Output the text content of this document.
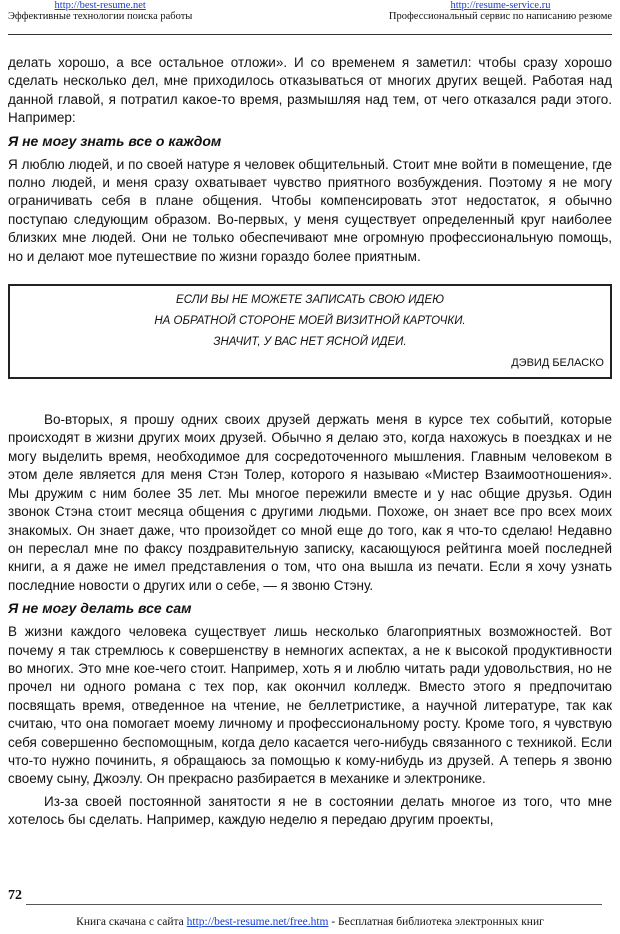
http://best-resume.net
Эффективные технологии поиска работы
http://resume-service.ru
Профессиональный сервис по написанию резюме

делать хорошо, а все остальное отложи». И со временем я заметил: чтобы сразу хорошо сделать несколько дел, мне приходилось отказываться от многих других вещей. Работая над данной главой, я потратил какое-то время, размышляя над тем, от чего отказался ради этого. Например:

Я не могу знать все о каждом

Я люблю людей, и по своей натуре я человек общительный. Стоит мне войти в помещение, где полно людей, и меня сразу охватывает чувство приятного возбуждения. Поэтому я не могу ограничивать себя в плане общения. Чтобы компенсировать этот недостаток, я обычно поступаю следующим образом. Во-первых, у меня существует определенный круг наиболее близких мне людей. Они не только обеспечивают мне огромную профессиональную помощь, но и делают мое путешествие по жизни гораздо более приятным.

ЕСЛИ ВЫ НЕ МОЖЕТЕ ЗАПИСАТЬ СВОЮ ИДЕЮ
НА ОБРАТНОЙ СТОРОНЕ МОЕЙ ВИЗИТНОЙ КАРТОЧКИ.
ЗНАЧИТ, У ВАС НЕТ ЯСНОЙ ИДЕИ.
ДЭВИД БЕЛАСКО

Во-вторых, я прошу одних своих друзей держать меня в курсе тех событий, которые происходят в жизни других моих друзей. Обычно я делаю это, когда нахожусь в поездках и не могу выделить время, необходимое для сосредоточенного мышления. Главным человеком в этом деле является для меня Стэн Толер, которого я называю «Мистер Взаимоотношения». Мы дружим с ним более 35 лет. Мы многое пережили вместе и у нас общие друзья. Один звонок Стэна стоит месяца общения с другими людьми. Похоже, он знает все про всех моих знакомых. Он знает даже, что произойдет со мной еще до того, как я что-то сделаю! Недавно он переслал мне по факсу поздравительную записку, касающуюся рейтинга моей последней книги, а я даже не имел представления о том, что она вышла из печати. Если я хочу узнать последние новости о других или о себе, — я звоню Стэну.

Я не могу делать все сам

В жизни каждого человека существует лишь несколько благоприятных возможностей. Вот почему я так стремлюсь к совершенству в немногих аспектах, а не к высокой продуктивности во многих. Это мне кое-чего стоит. Например, хоть я и люблю читать ради удовольствия, но не прочел ни одного романа с тех пор, как окончил колледж. Вместо этого я предпочитаю посвящать время, отведенное на чтение, не беллетристике, а научной литературе, так как считаю, что она помогает моему личному и профессиональному росту. Кроме того, я чувствую себя совершенно беспомощным, когда дело касается чего-нибудь связанного с техникой. Если что-то нужно починить, я обращаюсь за помощью к кому-нибудь из друзей. А теперь я звоню своему сыну, Джоэлу. Он прекрасно разбирается в механике и электронике.

Из-за своей постоянной занятости я не в состоянии делать многое из того, что мне хотелось бы сделать. Например, каждую неделю я передаю другим проекты,

72
Книга скачана с сайта http://best-resume.net/free.htm - Бесплатная библиотека электронных книг
